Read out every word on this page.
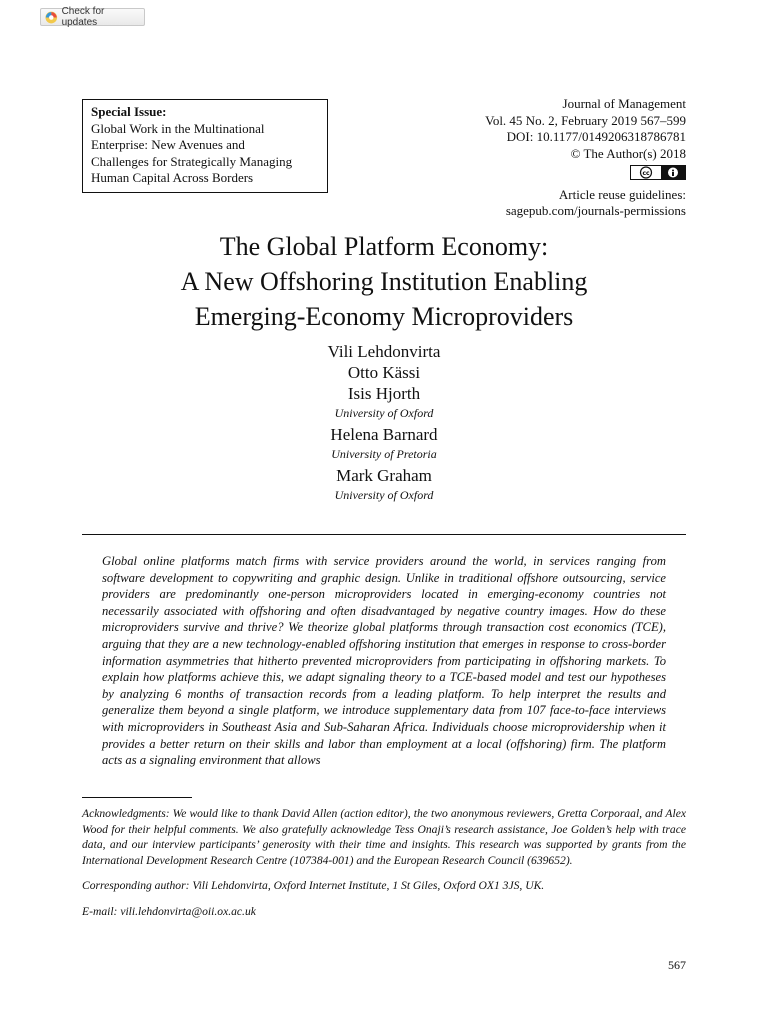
Check for updates
Special Issue:
Global Work in the Multinational
Enterprise: New Avenues and
Challenges for Strategically Managing
Human Capital Across Borders
Journal of Management
Vol. 45 No. 2, February 2019 567–599
DOI: 10.1177/0149206318786781
© The Author(s) 2018
cc
Article reuse guidelines:
sagepub.com/journals-permissions
The Global Platform Economy:
A New Offshoring Institution Enabling
Emerging-Economy Microproviders
Vili Lehdonvirta
Otto Kässi
Isis Hjorth
University of Oxford
Helena Barnard
University of Pretoria
Mark Graham
University of Oxford

Global online platforms match firms with service providers around the world, in services ranging from software development to copywriting and graphic design. Unlike in traditional offshore outsourcing, service providers are predominantly one-person microproviders located in emerging-economy countries not necessarily associated with offshoring and often disadvantaged by negative country images. How do these microproviders survive and thrive? We theorize global platforms through transaction cost economics (TCE), arguing that they are a new technology-enabled offshoring institution that emerges in response to cross-border information asymmetries that hitherto prevented microproviders from participating in offshoring markets. To explain how platforms achieve this, we adapt signaling theory to a TCE-based model and test our hypotheses by analyzing 6 months of transaction records from a leading platform. To help interpret the results and generalize them beyond a single platform, we introduce supplementary data from 107 face-to-face interviews with microproviders in Southeast Asia and Sub-Saharan Africa. Individuals choose microprovidership when it provides a better return on their skills and labor than employment at a local (offshoring) firm. The platform acts as a signaling environment that allows

Acknowledgments: We would like to thank David Allen (action editor), the two anonymous reviewers, Gretta Corporaal, and Alex Wood for their helpful comments. We also gratefully acknowledge Tess Onaji’s research assistance, Joe Golden’s help with trace data, and our interview participants’ generosity with their time and insights. This research was supported by grants from the International Development Research Centre (107384-001) and the European Research Council (639652).

Corresponding author: Vili Lehdonvirta, Oxford Internet Institute, 1 St Giles, Oxford OX1 3JS, UK.

E-mail: vili.lehdonvirta@oii.ox.ac.uk

567
